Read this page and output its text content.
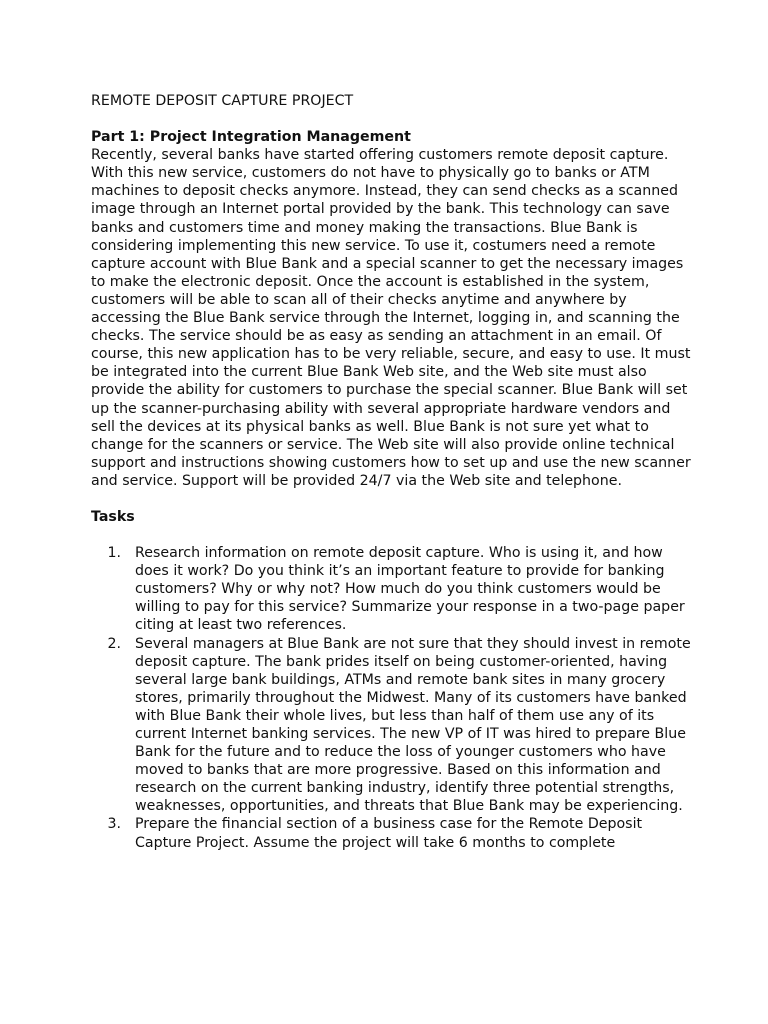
REMOTE DEPOSIT CAPTURE PROJECT

Part 1: Project Integration Management

Recently, several banks have started offering customers remote deposit capture. With this new service, customers do not have to physically go to banks or ATM machines to deposit checks anymore. Instead, they can send checks as a scanned image through an Internet portal provided by the bank. This technology can save banks and customers time and money making the transactions. Blue Bank is considering implementing this new service. To use it, costumers need a remote capture account with Blue Bank and a special scanner to get the necessary images to make the electronic deposit. Once the account is established in the system, customers will be able to scan all of their checks anytime and anywhere by accessing the Blue Bank service through the Internet, logging in, and scanning the checks. The service should be as easy as sending an attachment in an email. Of course, this new application has to be very reliable, secure, and easy to use. It must be integrated into the current Blue Bank Web site, and the Web site must also provide the ability for customers to purchase the special scanner. Blue Bank will set up the scanner-purchasing ability with several appropriate hardware vendors and sell the devices at its physical banks as well. Blue Bank is not sure yet what to change for the scanners or service. The Web site will also provide online technical support and instructions showing customers how to set up and use the new scanner and service. Support will be provided 24/7 via the Web site and telephone.

Tasks

1. Research information on remote deposit capture. Who is using it, and how does it work? Do you think it’s an important feature to provide for banking customers? Why or why not? How much do you think customers would be willing to pay for this service? Summarize your response in a two-page paper citing at least two references.
2. Several managers at Blue Bank are not sure that they should invest in remote deposit capture. The bank prides itself on being customer-oriented, having several large bank buildings, ATMs and remote bank sites in many grocery stores, primarily throughout the Midwest. Many of its customers have banked with Blue Bank their whole lives, but less than half of them use any of its current Internet banking services. The new VP of IT was hired to prepare Blue Bank for the future and to reduce the loss of younger customers who have moved to banks that are more progressive. Based on this information and research on the current banking industry, identify three potential strengths, weaknesses, opportunities, and threats that Blue Bank may be experiencing.
3. Prepare the financial section of a business case for the Remote Deposit Capture Project. Assume the project will take 6 months to complete
